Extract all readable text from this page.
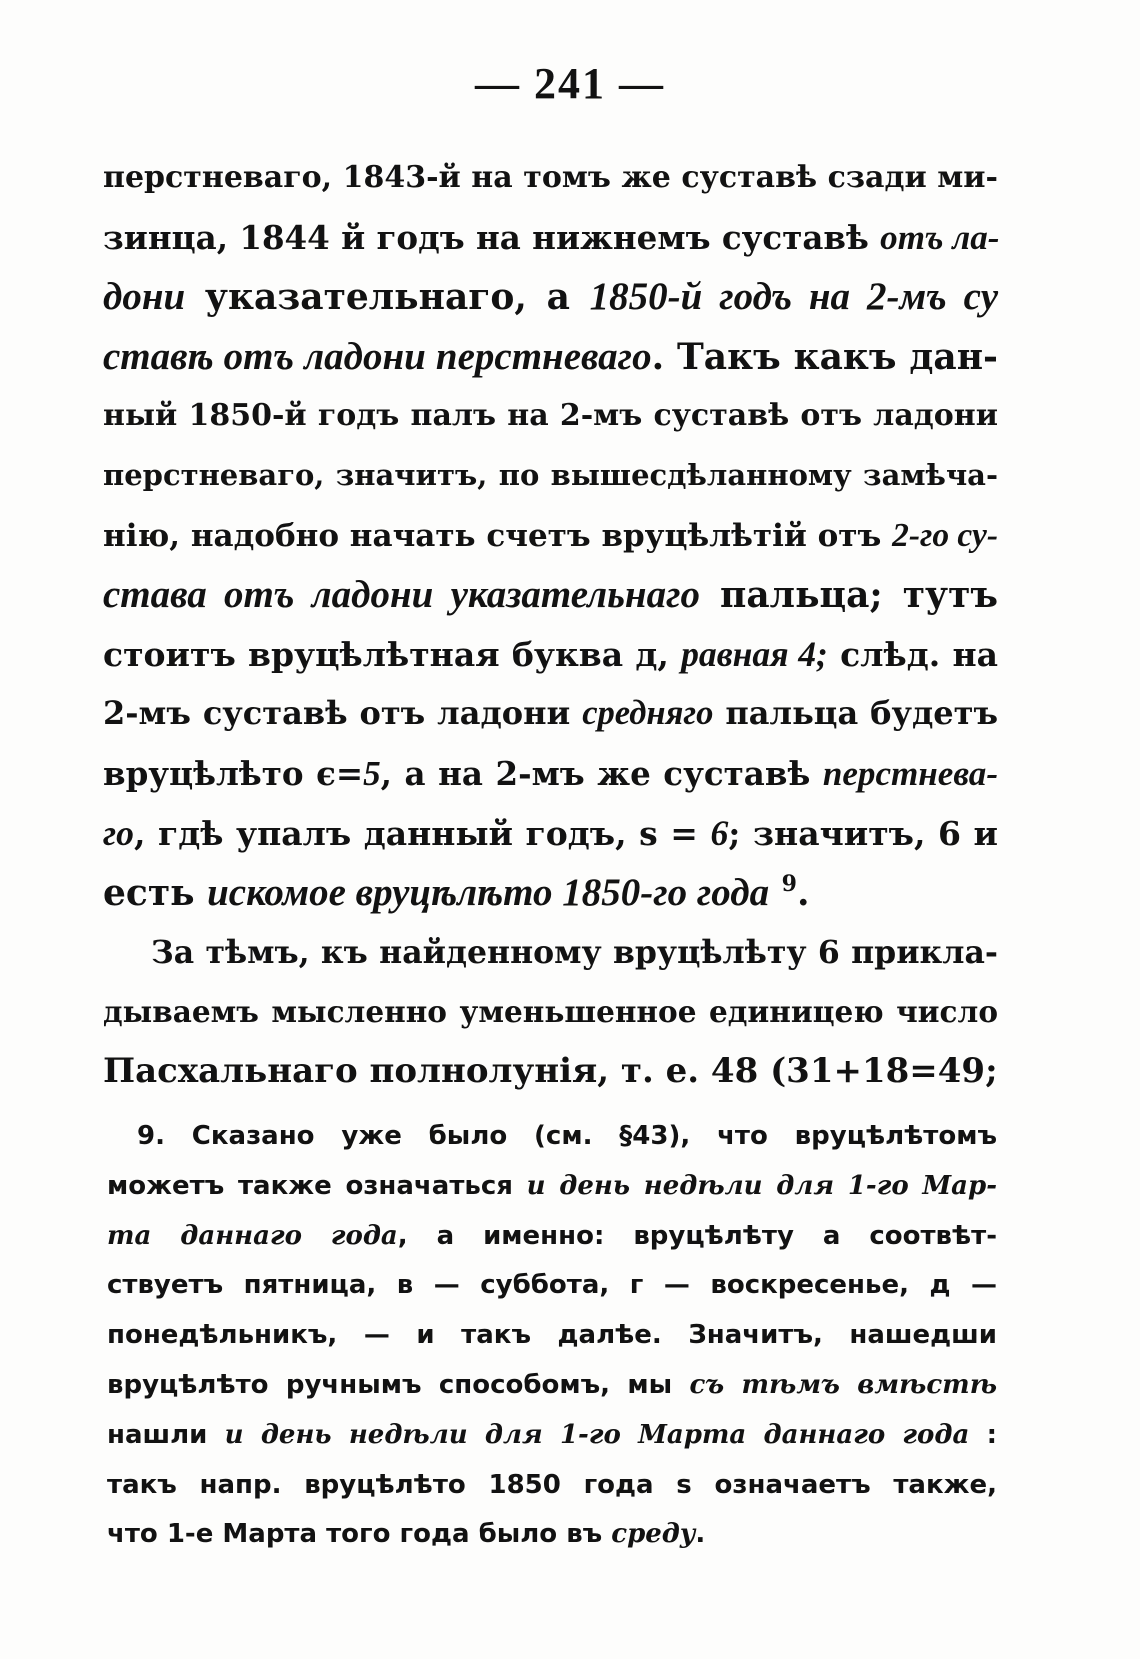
— 241 —
перстневаго, 1843-й на томъ же суставѣ сзади ми-
зинца, 1844 й годъ на нижнемъ суставѣ отъ ла-
дони указательнаго, а 1850-й годъ на 2-мъ су
ставѣ отъ ладони перстневаго. Такъ какъ дан-
ный 1850-й годъ палъ на 2-мъ суставѣ отъ ладони
перстневаго, значитъ, по вышесдѣланному замѣча-
нію, надобно начать счетъ вруцѣлѣтій отъ 2-го су-
става отъ ладони указательнаго пальца; тутъ
стоитъ вруцѣлѣтная буква д, равная 4; слѣд. на
2-мъ суставѣ отъ ладони средняго пальца будетъ
вруцѣлѣто є=5, а на 2-мъ же суставѣ перстнева-
го, гдѣ упалъ данный годъ, ѕ = 6; значитъ, 6 и
есть искомое вруцѣлѣто 1850-го года $^9$.
За тѣмъ, къ найденному вруцѣлѣту 6 прикла-
дываемъ мысленно уменьшенное единицею число
Пасхальнаго полнолунія, т. е. 48 (31+18=49;
9. Сказано уже было (см. §43), что вруцѣлѣтомъ
можетъ также означаться и день недѣли для 1-го Мар-
та даннаго года, а именно: вруцѣлѣту а соотвѣт-
ствуетъ пятница, в — суббота, г — воскресенье, д —
понедѣльникъ, — и такъ далѣе. Значитъ, нашедши
вруцѣлѣто ручнымъ способомъ, мы съ тѣмъ вмѣстѣ
нашли и день недѣли для 1-го Марта даннаго года :
такъ напр. вруцѣлѣто 1850 года ѕ означаетъ также,
что 1-е Марта того года было въ среду.
